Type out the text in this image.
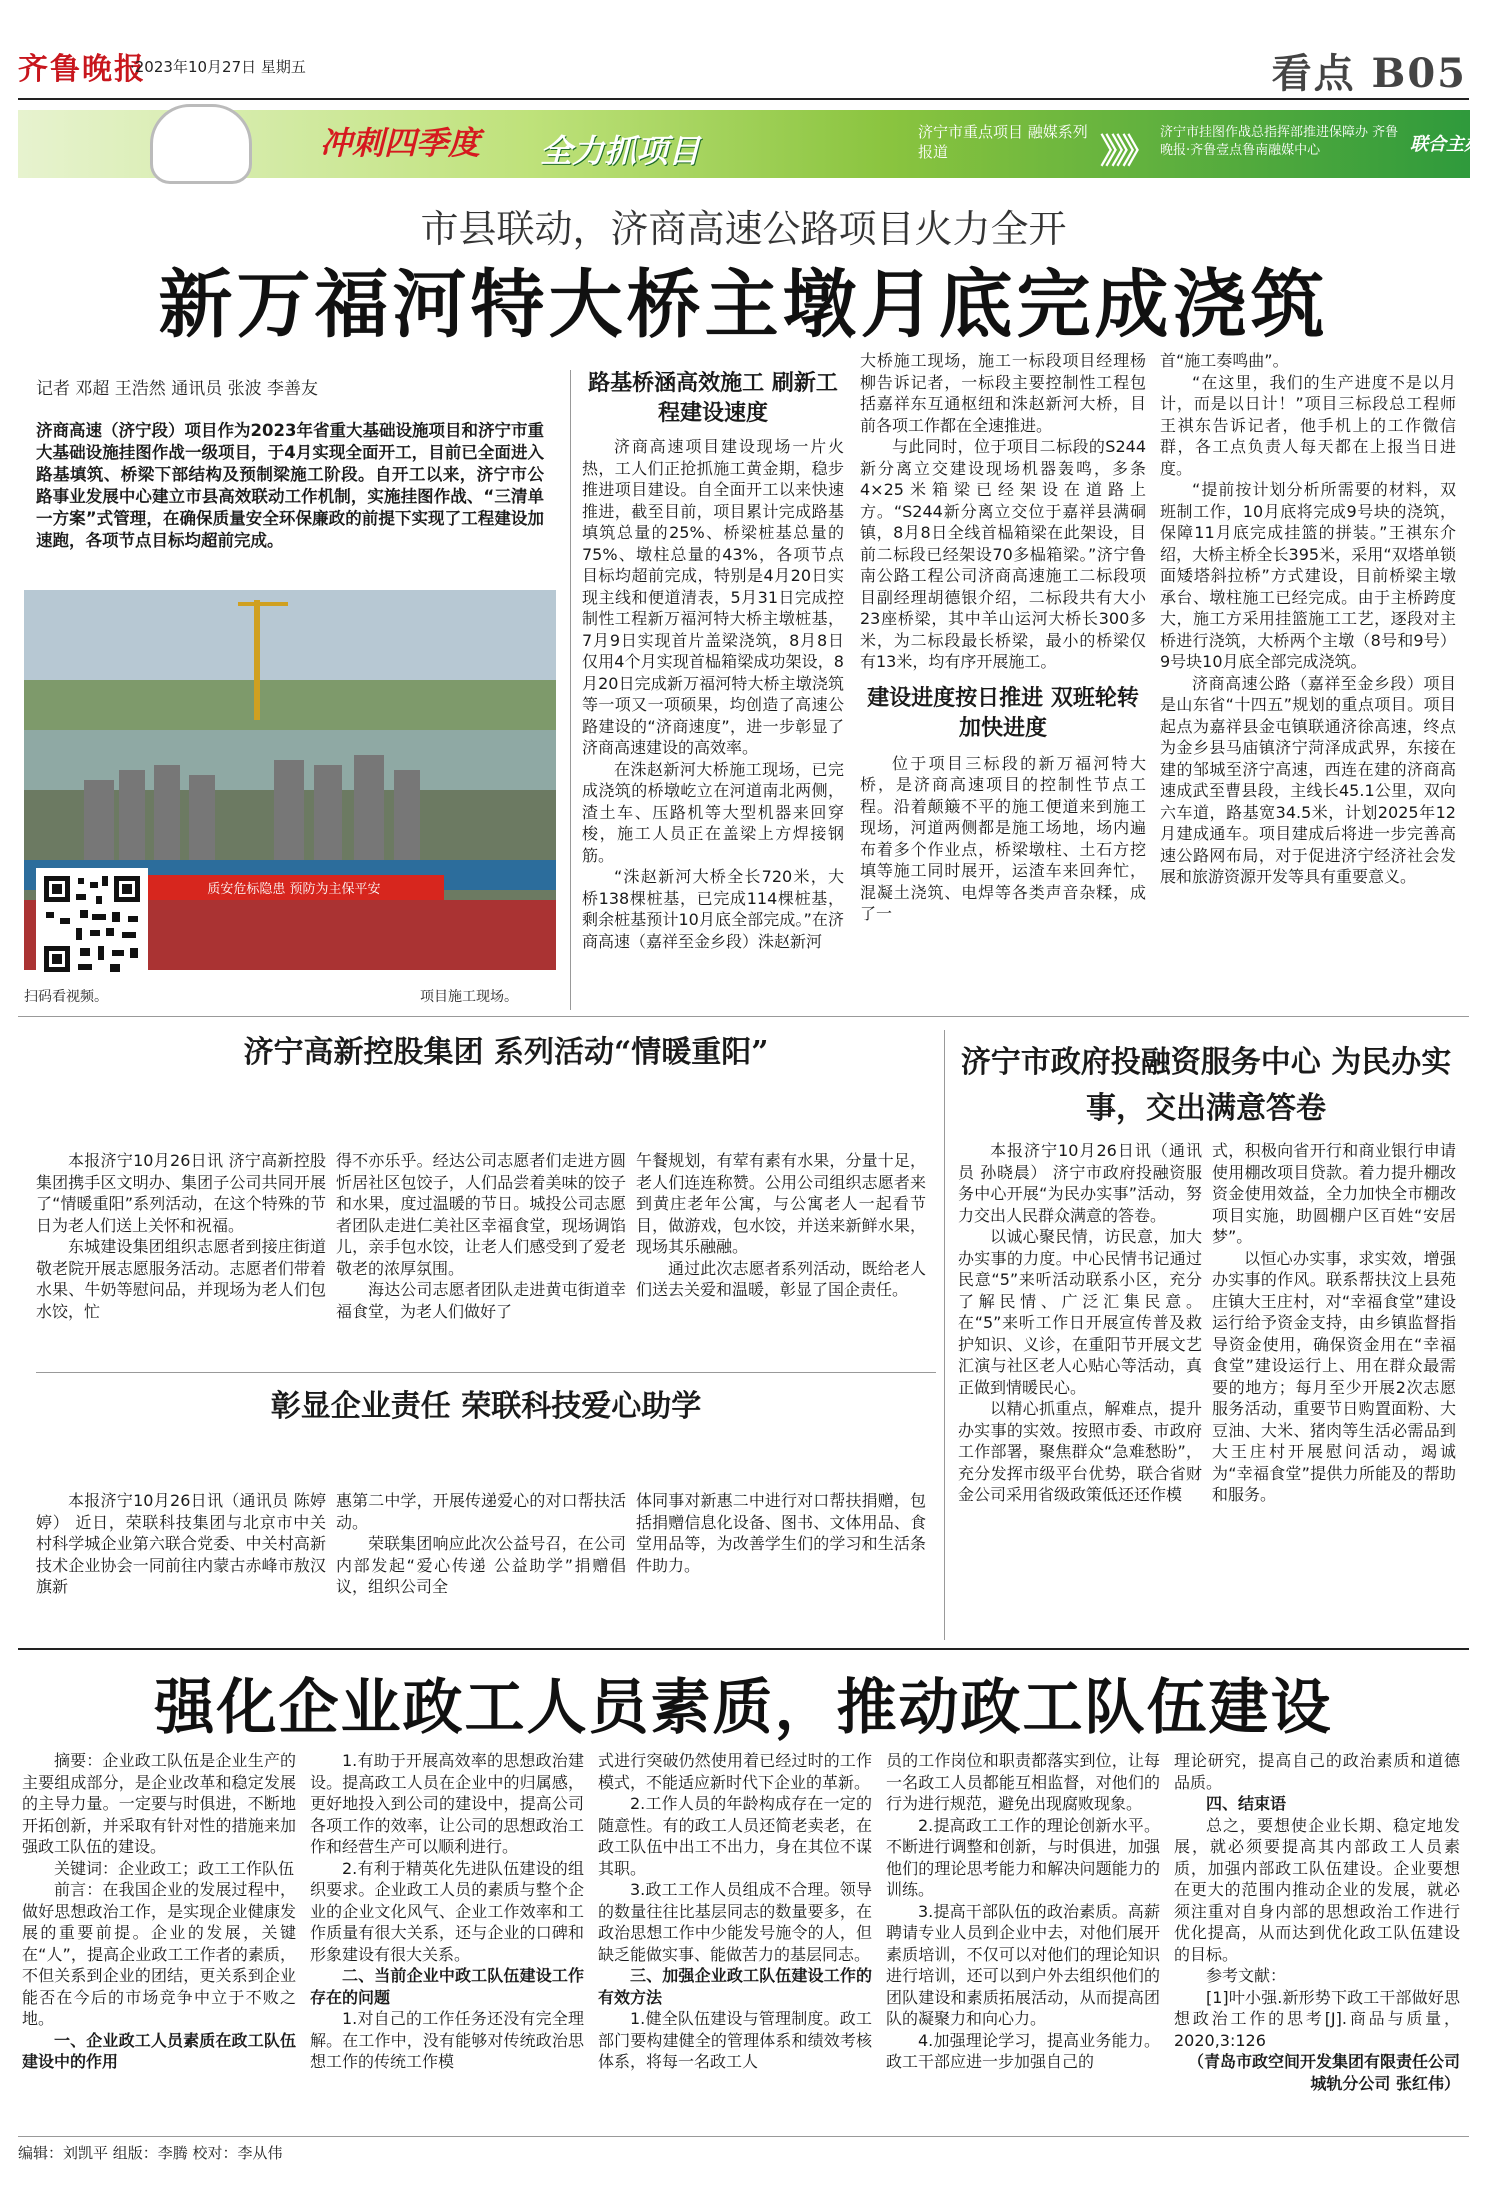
齐鲁晚报
·2023年10月27日 星期五	看点 B05
冲刺四季度 全力抓项目	济宁市重点项目 融媒系列报道	》》》 济宁市挂图作战总指挥部推进保障办 齐鲁晚报·齐鲁壹点鲁南融媒中心	联合主办
市县联动，济商高速公路项目火力全开
新万福河特大桥主墩月底完成浇筑
记者 邓超 王浩然 通讯员 张波 李善友
济商高速（济宁段）项目作为2023年省重大基础设施项目和济宁市重大基础设施挂图作战一级项目，于4月实现全面开工，目前已全面进入路基填筑、桥梁下部结构及预制梁施工阶段。自开工以来，济宁市公路事业发展中心建立市县高效联动工作机制，实施挂图作战、“三清单一方案”式管理，在确保质量安全环保廉政的前提下实现了工程建设加速跑，各项节点目标均超前完成。
质安危标隐患 预防为主保平安
扫码看视频。	项目施工现场。
路基桥涵高效施工 刷新工程建设速度

济商高速项目建设现场一片火热，工人们正抢抓施工黄金期，稳步推进项目建设。自全面开工以来快速推进，截至目前，项目累计完成路基填筑总量的25%、桥梁桩基总量的75%、墩柱总量的43%，各项节点目标均超前完成，特别是4月20日实现主线和便道清表，5月31日完成控制性工程新万福河特大桥主墩桩基，7月9日实现首片盖梁浇筑，8月8日仅用4个月实现首榀箱梁成功架设，8月20日完成新万福河特大桥主墩浇筑等一项又一项硕果，均创造了高速公路建设的“济商速度”，进一步彰显了济商高速建设的高效率。

在洙赵新河大桥施工现场，已完成浇筑的桥墩屹立在河道南北两侧，渣土车、压路机等大型机器来回穿梭，施工人员正在盖梁上方焊接钢筋。

“洙赵新河大桥全长720米，大桥138棵桩基，已完成114棵桩基，剩余桩基预计10月底全部完成。”在济商高速（嘉祥至金乡段）洙赵新河

大桥施工现场，施工一标段项目经理杨柳告诉记者，一标段主要控制性工程包括嘉祥东互通枢纽和洙赵新河大桥，目前各项工作都在全速推进。

与此同时，位于项目二标段的S244新分离立交建设现场机器轰鸣，多条4×25米箱梁已经架设在道路上方。“S244新分离立交位于嘉祥县满硐镇，8月8日全线首榀箱梁在此架设，目前二标段已经架设70多榀箱梁。”济宁鲁南公路工程公司济商高速施工二标段项目副经理胡德银介绍，二标段共有大小23座桥梁，其中羊山运河大桥长300多米，为二标段最长桥梁，最小的桥梁仅有13米，均有序开展施工。

建设进度按日推进 双班轮转加快进度

位于项目三标段的新万福河特大桥，是济商高速项目的控制性节点工程。沿着颠簸不平的施工便道来到施工现场，河道两侧都是施工场地，场内遍布着多个作业点，桥梁墩柱、土石方挖填等施工同时展开，运渣车来回奔忙，混凝土浇筑、电焊等各类声音杂糅，成了一

首“施工奏鸣曲”。

“在这里，我们的生产进度不是以月计，而是以日计！”项目三标段总工程师王祺东告诉记者，他手机上的工作微信群，各工点负责人每天都在上报当日进度。

“提前按计划分析所需要的材料，双班制工作，10月底将完成9号块的浇筑，保障11月底完成挂篮的拼装。”王祺东介绍，大桥主桥全长395米，采用“双塔单锁面矮塔斜拉桥”方式建设，目前桥梁主墩承台、墩柱施工已经完成。由于主桥跨度大，施工方采用挂篮施工工艺，逐段对主桥进行浇筑，大桥两个主墩（8号和9号）9号块10月底全部完成浇筑。

济商高速公路（嘉祥至金乡段）项目是山东省“十四五”规划的重点项目。项目起点为嘉祥县金屯镇联通济徐高速，终点为金乡县马庙镇济宁菏泽成武界，东接在建的邹城至济宁高速，西连在建的济商高速成武至曹县段，主线长45.1公里，双向六车道，路基宽34.5米，计划2025年12月建成通车。项目建成后将进一步完善高速公路网布局，对于促进济宁经济社会发展和旅游资源开发等具有重要意义。

济宁高新控股集团 系列活动“情暖重阳”

本报济宁10月26日讯 济宁高新控股集团携手区文明办、集团子公司共同开展了“情暖重阳”系列活动，在这个特殊的节日为老人们送上关怀和祝福。

东城建设集团组织志愿者到接庄街道敬老院开展志愿服务活动。志愿者们带着水果、牛奶等慰问品，并现场为老人们包水饺，忙

得不亦乐乎。经达公司志愿者们走进方圆忻居社区包饺子，人们品尝着美味的饺子和水果，度过温暖的节日。城投公司志愿者团队走进仁美社区幸福食堂，现场调馅儿，亲手包水饺，让老人们感受到了爱老敬老的浓厚氛围。

海达公司志愿者团队走进黄屯街道幸福食堂，为老人们做好了

午餐规划，有荤有素有水果，分量十足，老人们连连称赞。公用公司组织志愿者来到黄庄老年公寓，与公寓老人一起看节目，做游戏，包水饺，并送来新鲜水果，现场其乐融融。

通过此次志愿者系列活动，既给老人们送去关爱和温暖，彰显了国企责任。

彰显企业责任 荣联科技爱心助学

本报济宁10月26日讯（通讯员 陈婷婷） 近日，荣联科技集团与北京市中关村科学城企业第六联合党委、中关村高新技术企业协会一同前往内蒙古赤峰市敖汉旗新

惠第二中学，开展传递爱心的对口帮扶活动。

荣联集团响应此次公益号召，在公司内部发起“爱心传递 公益助学”捐赠倡议，组织公司全

体同事对新惠二中进行对口帮扶捐赠，包括捐赠信息化设备、图书、文体用品、食堂用品等，为改善学生们的学习和生活条件助力。

济宁市政府投融资服务中心 为民办实事，交出满意答卷

本报济宁10月26日讯（通讯员 孙晓晨） 济宁市政府投融资服务中心开展“为民办实事”活动，努力交出人民群众满意的答卷。

以诚心聚民情，访民意，加大办实事的力度。中心民情书记通过民意“5”来听活动联系小区，充分了解民情、广泛汇集民意。在“5”来听工作日开展宣传普及救护知识、义诊，在重阳节开展文艺汇演与社区老人心贴心等活动，真正做到情暖民心。

以精心抓重点，解难点，提升办实事的实效。按照市委、市政府工作部署，聚焦群众“急难愁盼”，充分发挥市级平台优势，联合省财金公司采用省级政策低还还作模

式，积极向省开行和商业银行申请使用棚改项目贷款。着力提升棚改资金使用效益，全力加快全市棚改项目实施，助圆棚户区百姓“安居梦”。

以恒心办实事，求实效，增强办实事的作风。联系帮扶汶上县苑庄镇大王庄村，对“幸福食堂”建设运行给予资金支持，由乡镇监督指导资金使用，确保资金用在“幸福食堂”建设运行上、用在群众最需要的地方；每月至少开展2次志愿服务活动，重要节日购置面粉、大豆油、大米、猪肉等生活必需品到大王庄村开展慰问活动，竭诚为“幸福食堂”提供力所能及的帮助和服务。

强化企业政工人员素质，推动政工队伍建设

摘要：企业政工队伍是企业生产的主要组成部分，是企业改革和稳定发展的主导力量。一定要与时俱进，不断地开拓创新，并采取有针对性的措施来加强政工队伍的建设。

关键词：企业政工；政工工作队伍

前言：在我国企业的发展过程中，做好思想政治工作，是实现企业健康发展的重要前提。企业的发展，关键在“人”，提高企业政工工作者的素质，不但关系到企业的团结，更关系到企业能否在今后的市场竞争中立于不败之地。

一、企业政工人员素质在政工队伍建设中的作用

1.有助于开展高效率的思想政治建设。提高政工人员在企业中的归属感，更好地投入到公司的建设中，提高公司各项工作的效率，让公司的思想政治工作和经营生产可以顺利进行。

2.有利于精英化先进队伍建设的组织要求。企业政工人员的素质与整个企业的企业文化风气、企业工作效率和工作质量有很大关系，还与企业的口碑和形象建设有很大关系。

二、当前企业中政工队伍建设工作存在的问题

1.对自己的工作任务还没有完全理解。在工作中，没有能够对传统政治思想工作的传统工作模

式进行突破仍然使用着已经过时的工作模式，不能适应新时代下企业的革新。

2.工作人员的年龄构成存在一定的随意性。有的政工人员还简老卖老，在政工队伍中出工不出力，身在其位不谋其职。

3.政工工作人员组成不合理。领导的数量往往比基层同志的数量要多，在政治思想工作中少能发号施令的人，但缺乏能做实事、能做苦力的基层同志。

三、加强企业政工队伍建设工作的有效方法

1.健全队伍建设与管理制度。政工部门要构建健全的管理体系和绩效考核体系，将每一名政工人

员的工作岗位和职责都落实到位，让每一名政工人员都能互相监督，对他们的行为进行规范，避免出现腐败现象。

2.提高政工工作的理论创新水平。不断进行调整和创新，与时俱进，加强他们的理论思考能力和解决问题能力的训练。

3.提高干部队伍的政治素质。高薪聘请专业人员到企业中去，对他们展开素质培训，不仅可以对他们的理论知识进行培训，还可以到户外去组织他们的团队建设和素质拓展活动，从而提高团队的凝聚力和向心力。

4.加强理论学习，提高业务能力。政工干部应进一步加强自己的

理论研究，提高自己的政治素质和道德品质。

四、结束语

总之，要想使企业长期、稳定地发展，就必须要提高其内部政工人员素质，加强内部政工队伍建设。企业要想在更大的范围内推动企业的发展，就必须注重对自身内部的思想政治工作进行优化提高，从而达到优化政工队伍建设的目标。

参考文献：

[1]叶小强.新形势下政工干部做好思想政治工作的思考[J].商品与质量，2020,3:126

（青岛市政空间开发集团有限责任公司城轨分公司 张红伟）

编辑：刘凯平 组版：李腾 校对：李从伟
